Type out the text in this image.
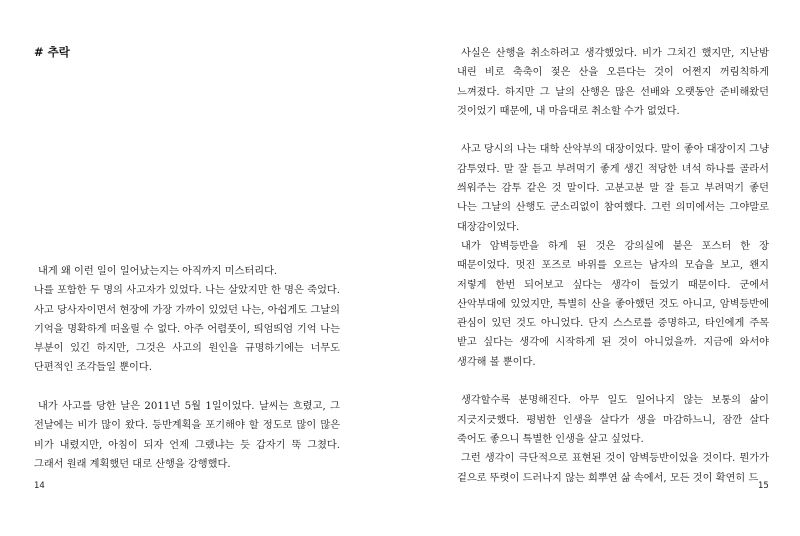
# 추락

내게 왜 이런 일이 일어났는지는 아직까지 미스터리다.

나를 포함한 두 명의 사고자가 있었다. 나는 살았지만 한 명은 죽었다. 사고 당사자이면서 현장에 가장 가까이 있었던 나는, 아쉽게도 그날의 기억을 명확하게 떠올릴 수 없다. 아주 어렴풋이, 띄엄띄엄 기억 나는 부분이 있긴 하지만, 그것은 사고의 원인을 규명하기에는 너무도 단편적인 조각들일 뿐이다.

내가 사고를 당한 날은 2011년 5월 1일이었다. 날씨는 흐렸고, 그 전날에는 비가 많이 왔다. 등반계획을 포기해야 할 정도로 많이 많은 비가 내렸지만, 아침이 되자 언제 그랬냐는 듯 갑자기 뚝 그쳤다. 그래서 원래 계획했던 대로 산행을 강행했다.

14

사실은 산행을 취소하려고 생각했었다. 비가 그치긴 했지만, 지난밤 내린 비로 축축이 젖은 산을 오른다는 것이 어쩐지 꺼림칙하게 느껴졌다. 하지만 그 날의 산행은 많은 선배와 오랫동안 준비해왔던 것이었기 때문에, 내 마음대로 취소할 수가 없었다.

사고 당시의 나는 대학 산악부의 대장이었다. 말이 좋아 대장이지 그냥 감투였다. 말 잘 듣고 부려먹기 좋게 생긴 적당한 녀석 하나를 골라서 씌워주는 감투 같은 것 말이다. 고분고분 말 잘 듣고 부려먹기 좋던 나는 그날의 산행도 군소리없이 참여했다. 그런 의미에서는 그야말로 대장감이었다.

내가 암벽등반을 하게 된 것은 강의실에 붙은 포스터 한 장 때문이었다. 멋진 포즈로 바위를 오르는 남자의 모습을 보고, 왠지 저렇게 한번 되어보고 싶다는 생각이 들었기 때문이다. 군에서 산악부대에 있었지만, 특별히 산을 좋아했던 것도 아니고, 암벽등반에 관심이 있던 것도 아니었다. 단지 스스로를 증명하고, 타인에게 주목 받고 싶다는 생각에 시작하게 된 것이 아니었을까. 지금에 와서야 생각해 볼 뿐이다.

생각할수록 분명해진다. 아무 일도 일어나지 않는 보통의 삶이 지긋지긋했다. 평범한 인생을 살다가 생을 마감하느니, 잠깐 살다 죽어도 좋으니 특별한 인생을 살고 싶었다.

그런 생각이 극단적으로 표현된 것이 암벽등반이었을 것이다. 뭔가가 겉으로 뚜렷이 드러나지 않는 희뿌연 삶 속에서, 모든 것이 확연히 드

15
